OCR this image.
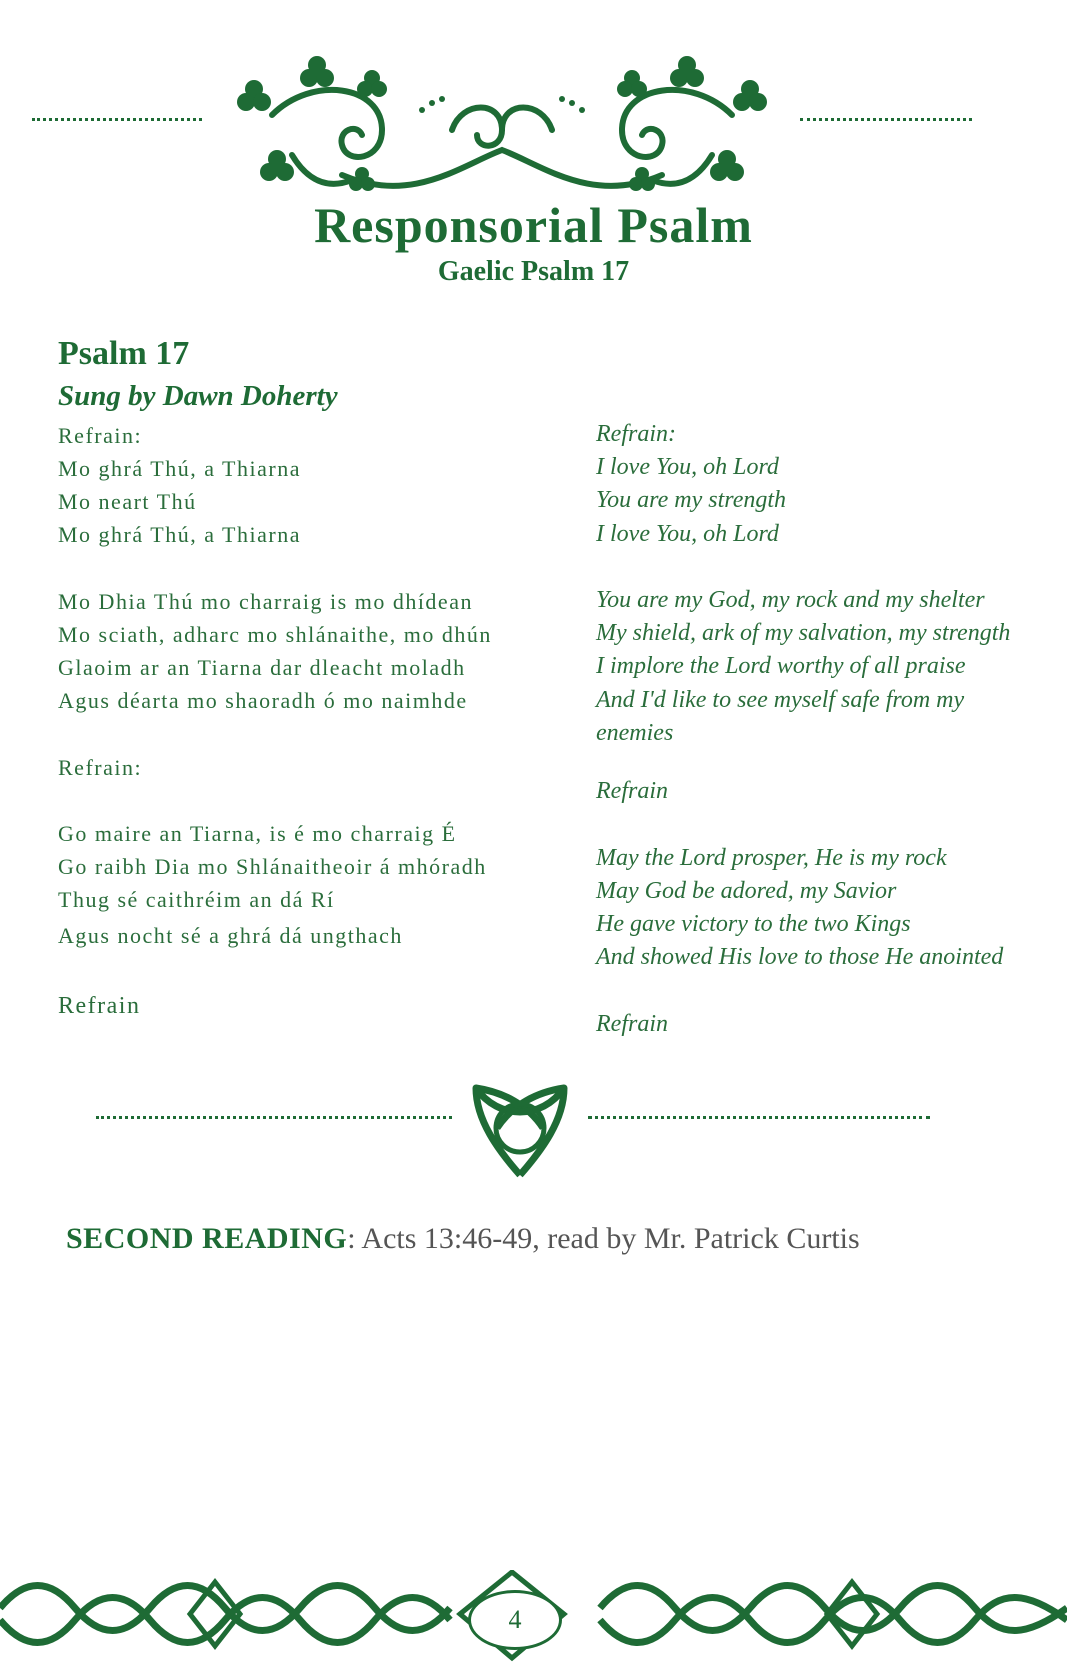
Responsorial Psalm
Gaelic Psalm 17
Psalm 17
Sung by Dawn Doherty
Refrain:
Mo ghrá Thú, a Thiarna
Mo neart Thú
Mo ghrá Thú, a Thiarna
Mo Dhia Thú mo charraig is mo dhídean
Mo sciath, adharc mo shlánaithe, mo dhún
Glaoim ar an Tiarna dar dleacht moladh
Agus déarta mo shaoradh ó mo naimhde
Refrain:
Go maire an Tiarna, is é mo charraig É
Go raibh Dia mo Shlánaitheoir á mhóradh
Thug sé caithréim an dá Rí
Agus nocht sé a ghrá dá ungthach
Refrain
Refrain:
I love You, oh Lord
You are my strength
I love You, oh Lord
You are my God, my rock and my shelter
My shield, ark of my salvation, my strength
I implore the Lord worthy of all praise
And I'd like to see myself safe from my
enemies
Refrain
May the Lord prosper, He is my rock
May God be adored, my Savior
He gave victory to the two Kings
And showed His love to those He anointed
Refrain
SECOND READING: Acts 13:46-49, read by Mr. Patrick Curtis
4
